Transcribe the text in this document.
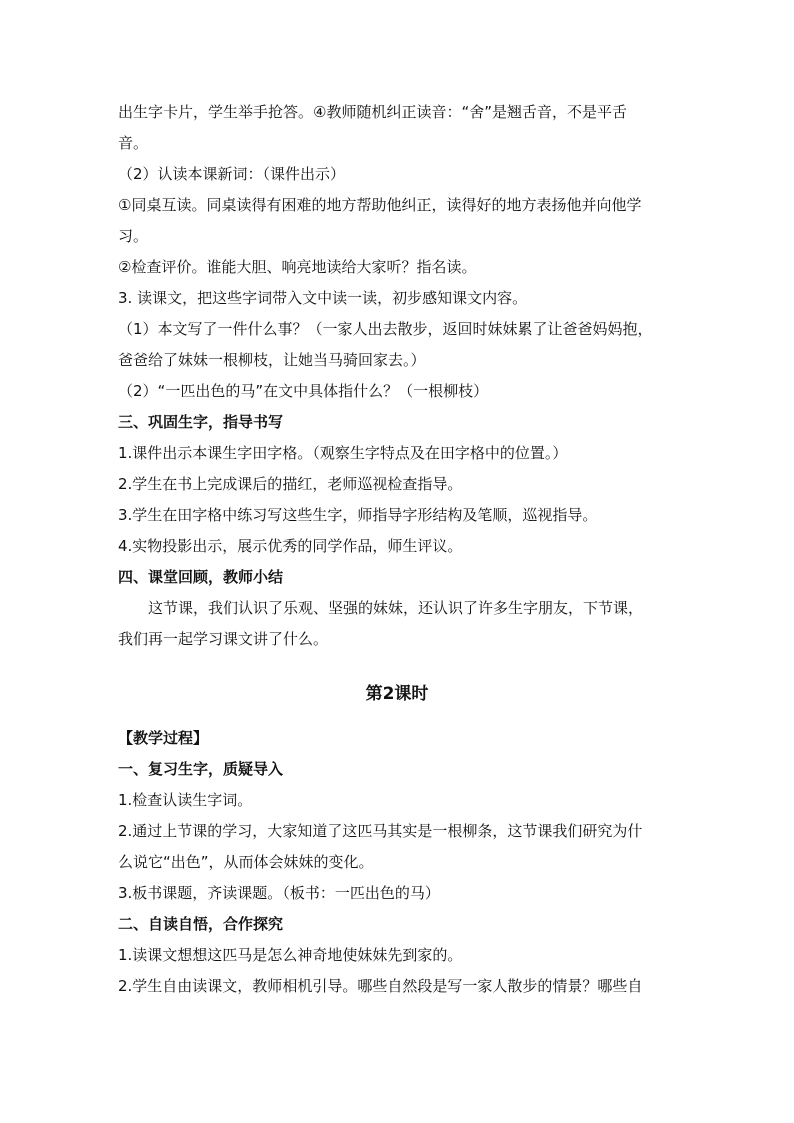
出生字卡片，学生举手抢答。④教师随机纠正读音：“舍”是翘舌音，不是平舌
音。
（2）认读本课新词：（课件出示）
①同桌互读。同桌读得有困难的地方帮助他纠正，读得好的地方表扬他并向他学
习。
②检查评价。谁能大胆、响亮地读给大家听？指名读。
3. 读课文，把这些字词带入文中读一读，初步感知课文内容。
（1）本文写了一件什么事？（一家人出去散步，返回时妹妹累了让爸爸妈妈抱，
爸爸给了妹妹一根柳枝，让她当马骑回家去。）
（2）“一匹出色的马”在文中具体指什么？（一根柳枝）
三、巩固生字，指导书写
1.课件出示本课生字田字格。（观察生字特点及在田字格中的位置。）
2.学生在书上完成课后的描红，老师巡视检查指导。
3.学生在田字格中练习写这些生字，师指导字形结构及笔顺，巡视指导。
4.实物投影出示，展示优秀的同学作品，师生评议。
四、课堂回顾，教师小结
这节课，我们认识了乐观、坚强的妹妹，还认识了许多生字朋友，下节课，
我们再一起学习课文讲了什么。
第2课时
【教学过程】
一、复习生字，质疑导入
1.检查认读生字词。
2.通过上节课的学习，大家知道了这匹马其实是一根柳条，这节课我们研究为什
么说它“出色”，从而体会妹妹的变化。
3.板书课题，齐读课题。（板书：一匹出色的马）
二、自读自悟，合作探究
1.读课文想想这匹马是怎么神奇地使妹妹先到家的。
2.学生自由读课文，教师相机引导。哪些自然段是写一家人散步的情景？哪些自
